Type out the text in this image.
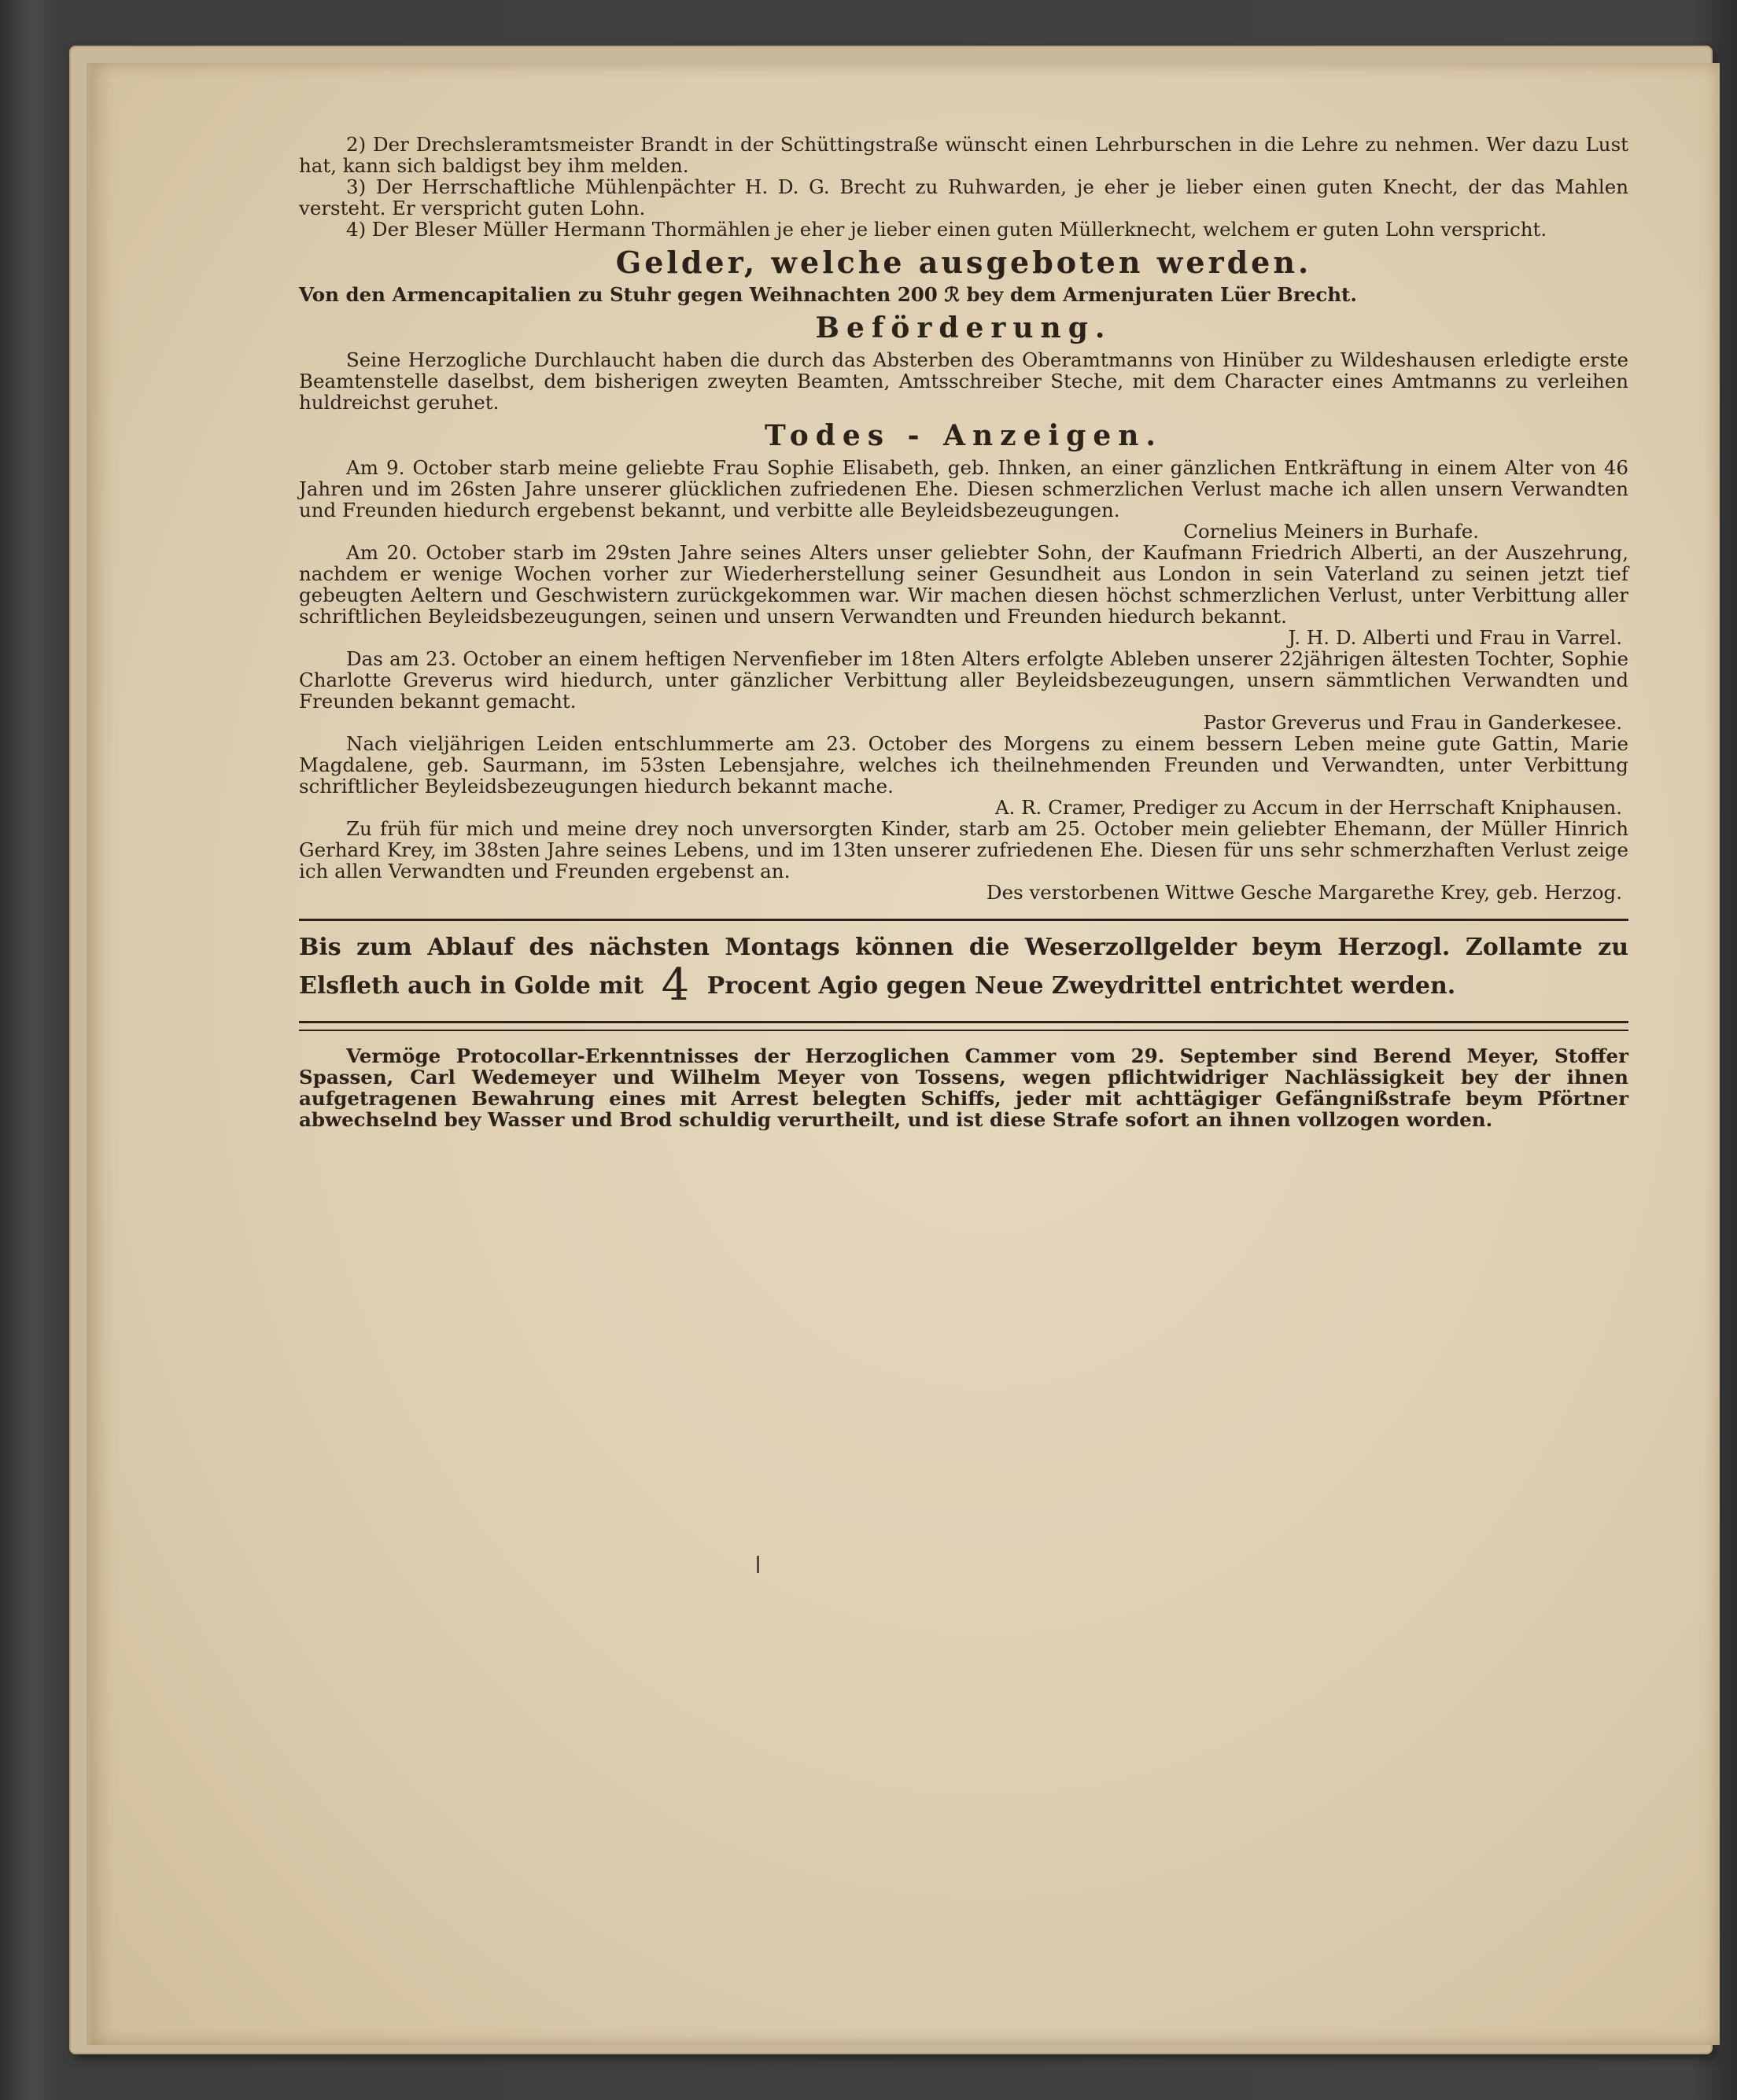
2) Der Drechsleramtsmeister Brandt in der Schüttingstraße wünscht einen Lehrburschen in die Lehre zu nehmen. Wer dazu Lust hat, kann sich baldigst bey ihm melden.

3) Der Herrschaftliche Mühlenpächter H. D. G. Brecht zu Ruhwarden, je eher je lieber einen guten Knecht, der das Mahlen versteht. Er verspricht guten Lohn.

4) Der Bleser Müller Hermann Thormählen je eher je lieber einen guten Müllerknecht, welchem er guten Lohn verspricht.

Gelder, welche ausgeboten werden.

Von den Armencapitalien zu Stuhr gegen Weihnachten 200 ℛ bey dem Armenjuraten Lüer Brecht.

Beförderung.

Seine Herzogliche Durchlaucht haben die durch das Absterben des Oberamtmanns von Hinüber zu Wildeshausen erledigte erste Beamtenstelle daselbst, dem bisherigen zweyten Beamten, Amtsschreiber Steche, mit dem Character eines Amtmanns zu verleihen huldreichst geruhet.

Todes - Anzeigen.

Am 9. October starb meine geliebte Frau Sophie Elisabeth, geb. Ihnken, an einer gänzlichen Entkräftung in einem Alter von 46 Jahren und im 26sten Jahre unserer glücklichen zufriedenen Ehe. Diesen schmerzlichen Verlust mache ich allen unsern Verwandten und Freunden hiedurch ergebenst bekannt, und verbitte alle Beyleidsbezeugungen.

Cornelius Meiners in Burhafe.

Am 20. October starb im 29sten Jahre seines Alters unser geliebter Sohn, der Kaufmann Friedrich Alberti, an der Auszehrung, nachdem er wenige Wochen vorher zur Wiederherstellung seiner Gesundheit aus London in sein Vaterland zu seinen jetzt tief gebeugten Aeltern und Geschwistern zurückgekommen war. Wir machen diesen höchst schmerzlichen Verlust, unter Verbittung aller schriftlichen Beyleidsbezeugungen, seinen und unsern Verwandten und Freunden hiedurch bekannt.

J. H. D. Alberti und Frau in Varrel.

Das am 23. October an einem heftigen Nervenfieber im 18ten Alters erfolgte Ableben unserer 22jährigen ältesten Tochter, Sophie Charlotte Greverus wird hiedurch, unter gänzlicher Verbittung aller Beyleidsbezeugungen, unsern sämmtlichen Verwandten und Freunden bekannt gemacht.

Pastor Greverus und Frau in Ganderkesee.

Nach vieljährigen Leiden entschlummerte am 23. October des Morgens zu einem bessern Leben meine gute Gattin, Marie Magdalene, geb. Saurmann, im 53sten Lebensjahre, welches ich theilnehmenden Freunden und Verwandten, unter Verbittung schriftlicher Beyleidsbezeugungen hiedurch bekannt mache.

A. R. Cramer, Prediger zu Accum in der Herrschaft Kniphausen.

Zu früh für mich und meine drey noch unversorgten Kinder, starb am 25. October mein geliebter Ehemann, der Müller Hinrich Gerhard Krey, im 38sten Jahre seines Lebens, und im 13ten unserer zufriedenen Ehe. Diesen für uns sehr schmerzhaften Verlust zeige ich allen Verwandten und Freunden ergebenst an.

Des verstorbenen Wittwe Gesche Margarethe Krey, geb. Herzog.

Bis zum Ablauf des nächsten Montags können die Weserzollgelder beym Herzogl. Zollamte zu Elsfleth auch in Golde mit 4 Procent Agio gegen Neue Zweydrittel entrichtet werden.

Vermöge Protocollar-Erkenntnisses der Herzoglichen Cammer vom 29. September sind Berend Meyer, Stoffer Spassen, Carl Wedemeyer und Wilhelm Meyer von Tossens, wegen pflichtwidriger Nachlässigkeit bey der ihnen aufgetragenen Bewahrung eines mit Arrest belegten Schiffs, jeder mit achttägiger Gefängnißstrafe beym Pförtner abwechselnd bey Wasser und Brod schuldig verurtheilt, und ist diese Strafe sofort an ihnen vollzogen worden.
